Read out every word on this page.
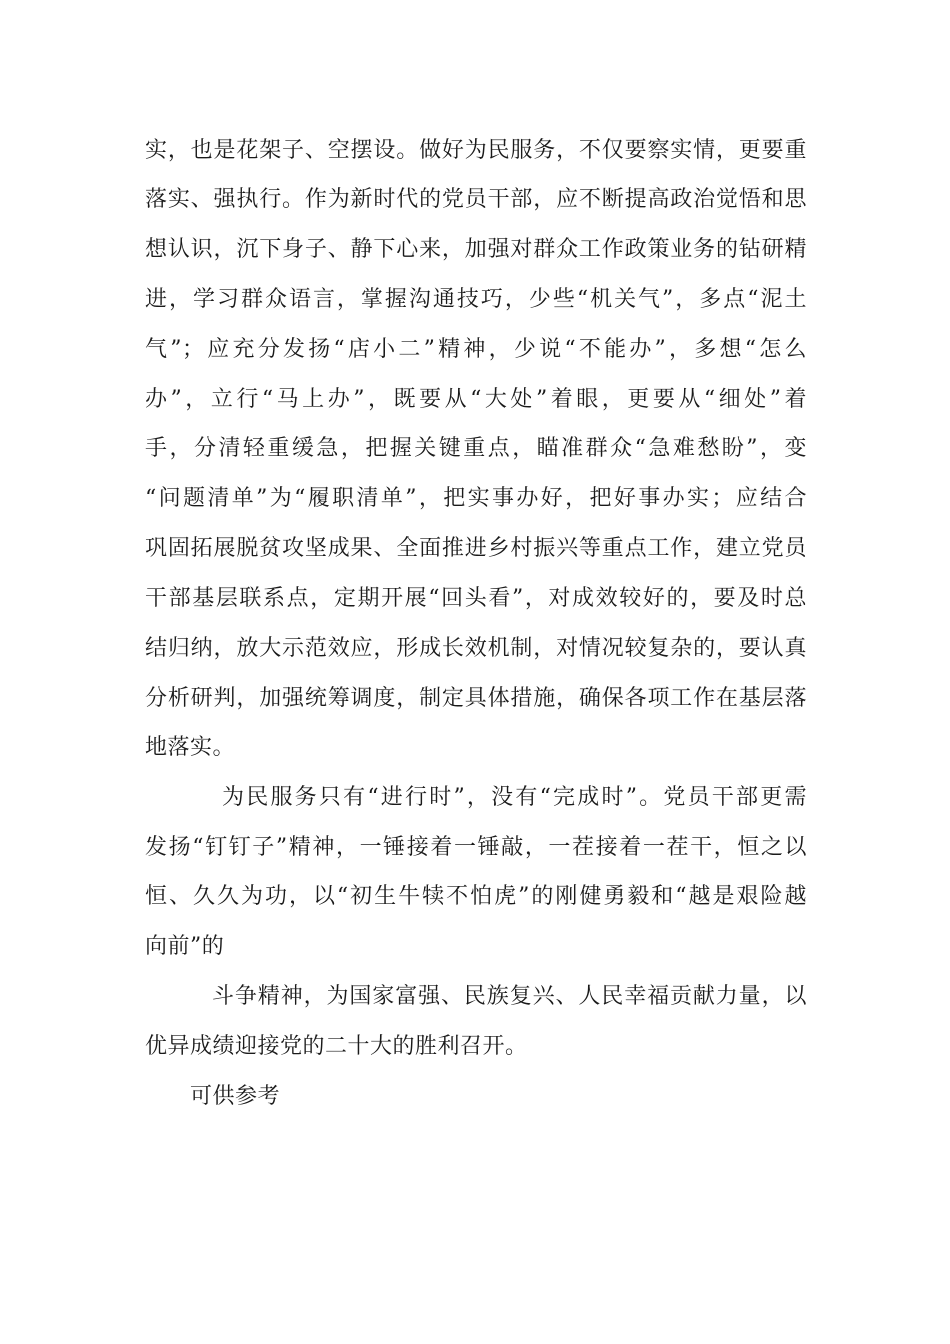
实，也是花架子、空摆设。做好为民服务，不仅要察实情，更要重
落实、强执行。作为新时代的党员干部，应不断提高政治觉悟和思
想认识，沉下身子、静下心来，加强对群众工作政策业务的钻研精
进，学习群众语言，掌握沟通技巧，少些“机关气”，多点“泥土
气”；应充分发扬“店小二”精神，少说“不能办”，多想“怎么
办”，立行“马上办”，既要从“大处”着眼，更要从“细处”着
手，分清轻重缓急，把握关键重点，瞄准群众“急难愁盼”，变
“问题清单”为“履职清单”，把实事办好，把好事办实；应结合
巩固拓展脱贫攻坚成果、全面推进乡村振兴等重点工作，建立党员
干部基层联系点，定期开展“回头看”，对成效较好的，要及时总
结归纳，放大示范效应，形成长效机制，对情况较复杂的，要认真
分析研判，加强统筹调度，制定具体措施，确保各项工作在基层落
地落实。
为民服务只有“进行时”，没有“完成时”。党员干部更需
发扬“钉钉子”精神，一锤接着一锤敲，一茬接着一茬干，恒之以
恒、久久为功，以“初生牛犊不怕虎”的刚健勇毅和“越是艰险越
向前”的
斗争精神，为国家富强、民族复兴、人民幸福贡献力量，以
优异成绩迎接党的二十大的胜利召开。
可供参考
